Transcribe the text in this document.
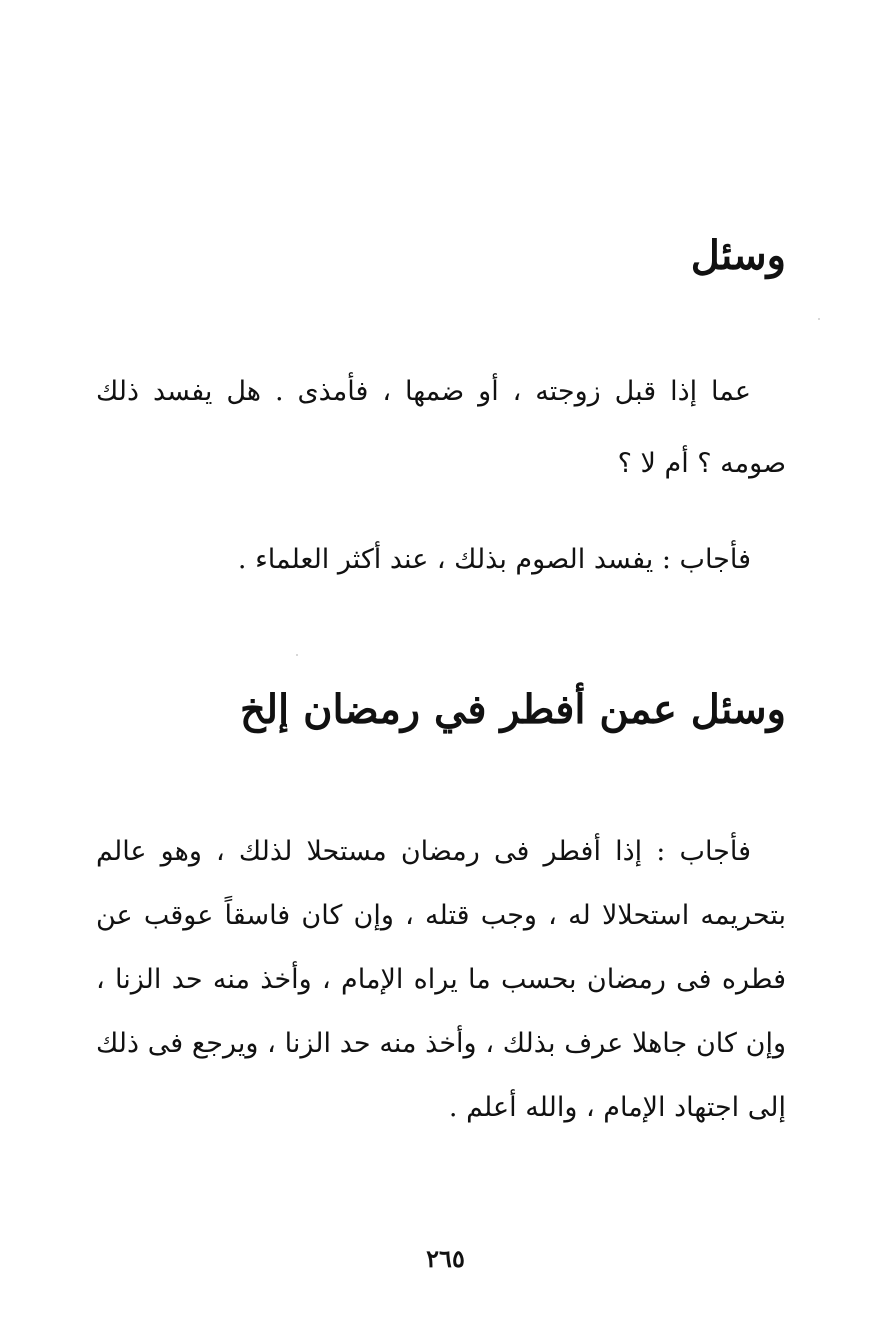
وسئل

عما إذا قبل زوجته ، أو ضمها ، فأمذى . هل يفسد ذلك صومه ؟ أم لا ؟

فأجاب : يفسد الصوم بذلك ، عند أكثر العلماء .

وسئل عمن أفطر في رمضان إلخ

فأجاب : إذا أفطر فى رمضان مستحلا لذلك ، وهو عالم بتحريمه استحلالا له ، وجب قتله ، وإن كان فاسقاً عوقب عن فطره فى رمضان بحسب ما يراه الإمام ، وأخذ منه حد الزنا ، وإن كان جاهلا عرف بذلك ، وأخذ منه حد الزنا ، ويرجع فى ذلك إلى اجتهاد الإمام ، والله أعلم .

٢٦٥
